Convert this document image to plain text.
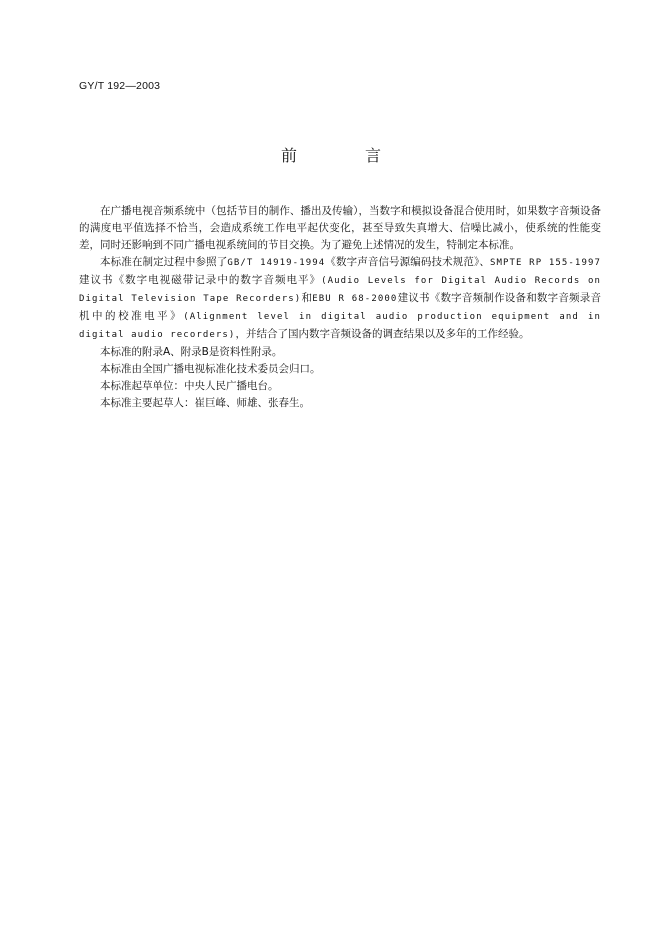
GY/T 192—2003
前　言

在广播电视音频系统中（包括节目的制作、播出及传输），当数字和模拟设备混合使用时，如果数字音频设备的满度电平值选择不恰当，会造成系统工作电平起伏变化，甚至导致失真增大、信噪比减小，使系统的性能变差，同时还影响到不同广播电视系统间的节目交换。为了避免上述情况的发生，特制定本标准。

本标准在制定过程中参照了GB/T 14919-1994《数字声音信号源编码技术规范》、SMPTE RP 155-1997建议书《数字电视磁带记录中的数字音频电平》(Audio Levels for Digital Audio Records on Digital Television Tape Recorders)和EBU R 68-2000建议书《数字音频制作设备和数字音频录音机中的校准电平》(Alignment level in digital audio production equipment and in digital audio recorders)，并结合了国内数字音频设备的调查结果以及多年的工作经验。

本标准的附录A、附录B是资料性附录。

本标准由全国广播电视标准化技术委员会归口。

本标准起草单位：中央人民广播电台。

本标准主要起草人：崔巨峰、师雄、张春生。
